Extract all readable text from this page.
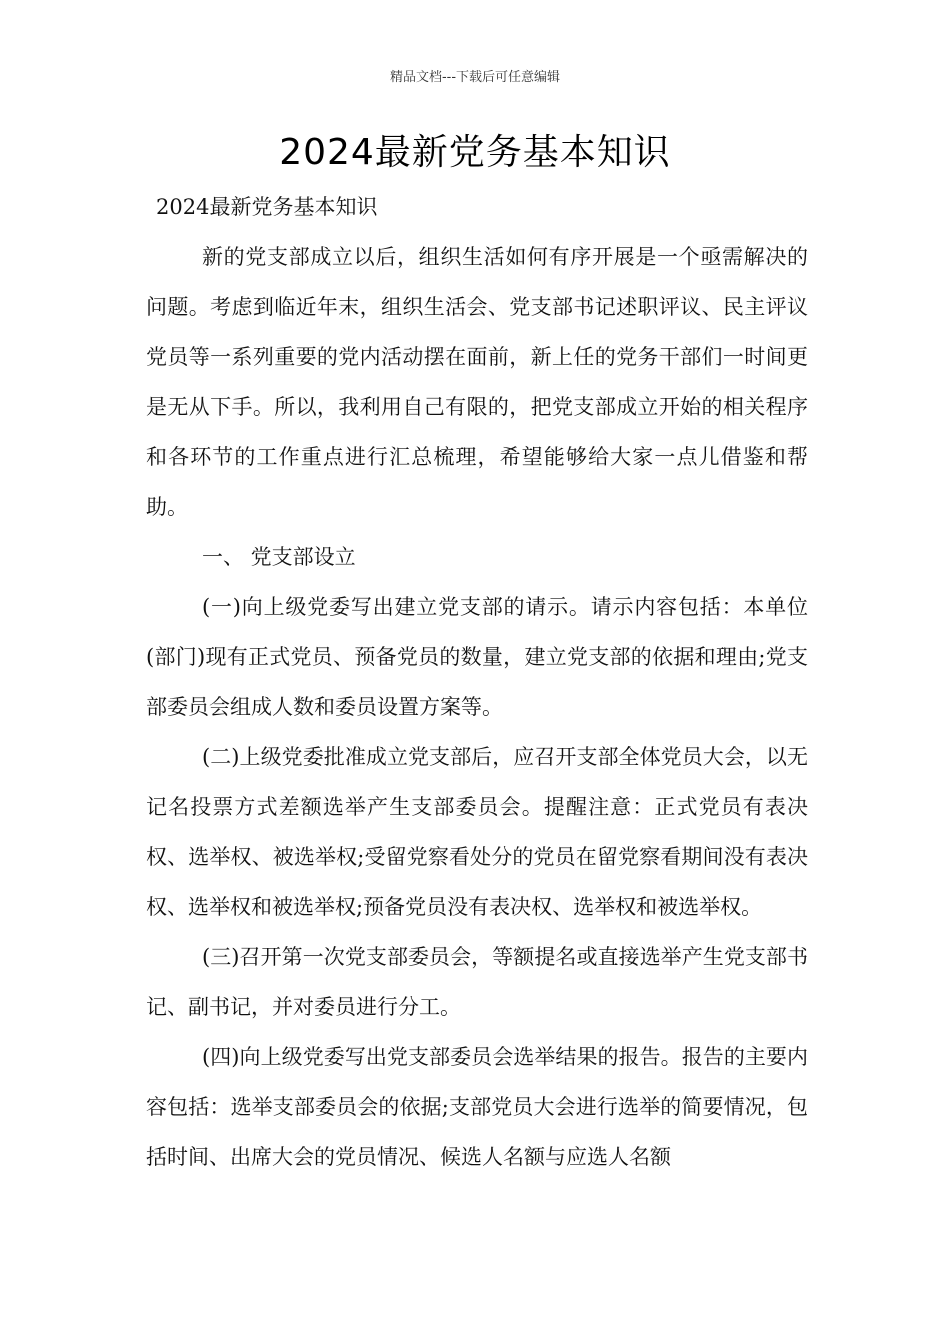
精品文档---下载后可任意编辑
2024最新党务基本知识

2024最新党务基本知识

新的党支部成立以后，组织生活如何有序开展是一个亟需解决的问题。考虑到临近年末，组织生活会、党支部书记述职评议、民主评议党员等一系列重要的党内活动摆在面前，新上任的党务干部们一时间更是无从下手。所以，我利用自己有限的，把党支部成立开始的相关程序和各环节的工作重点进行汇总梳理，希望能够给大家一点儿借鉴和帮助。

一、 党支部设立

(一)向上级党委写出建立党支部的请示。请示内容包括：本单位(部门)现有正式党员、预备党员的数量，建立党支部的依据和理由;党支部委员会组成人数和委员设置方案等。

(二)上级党委批准成立党支部后，应召开支部全体党员大会，以无记名投票方式差额选举产生支部委员会。提醒注意：正式党员有表决权、选举权、被选举权;受留党察看处分的党员在留党察看期间没有表决权、选举权和被选举权;预备党员没有表决权、选举权和被选举权。

(三)召开第一次党支部委员会，等额提名或直接选举产生党支部书记、副书记，并对委员进行分工。

(四)向上级党委写出党支部委员会选举结果的报告。报告的主要内容包括：选举支部委员会的依据;支部党员大会进行选举的简要情况，包括时间、出席大会的党员情况、候选人名额与应选人名额
